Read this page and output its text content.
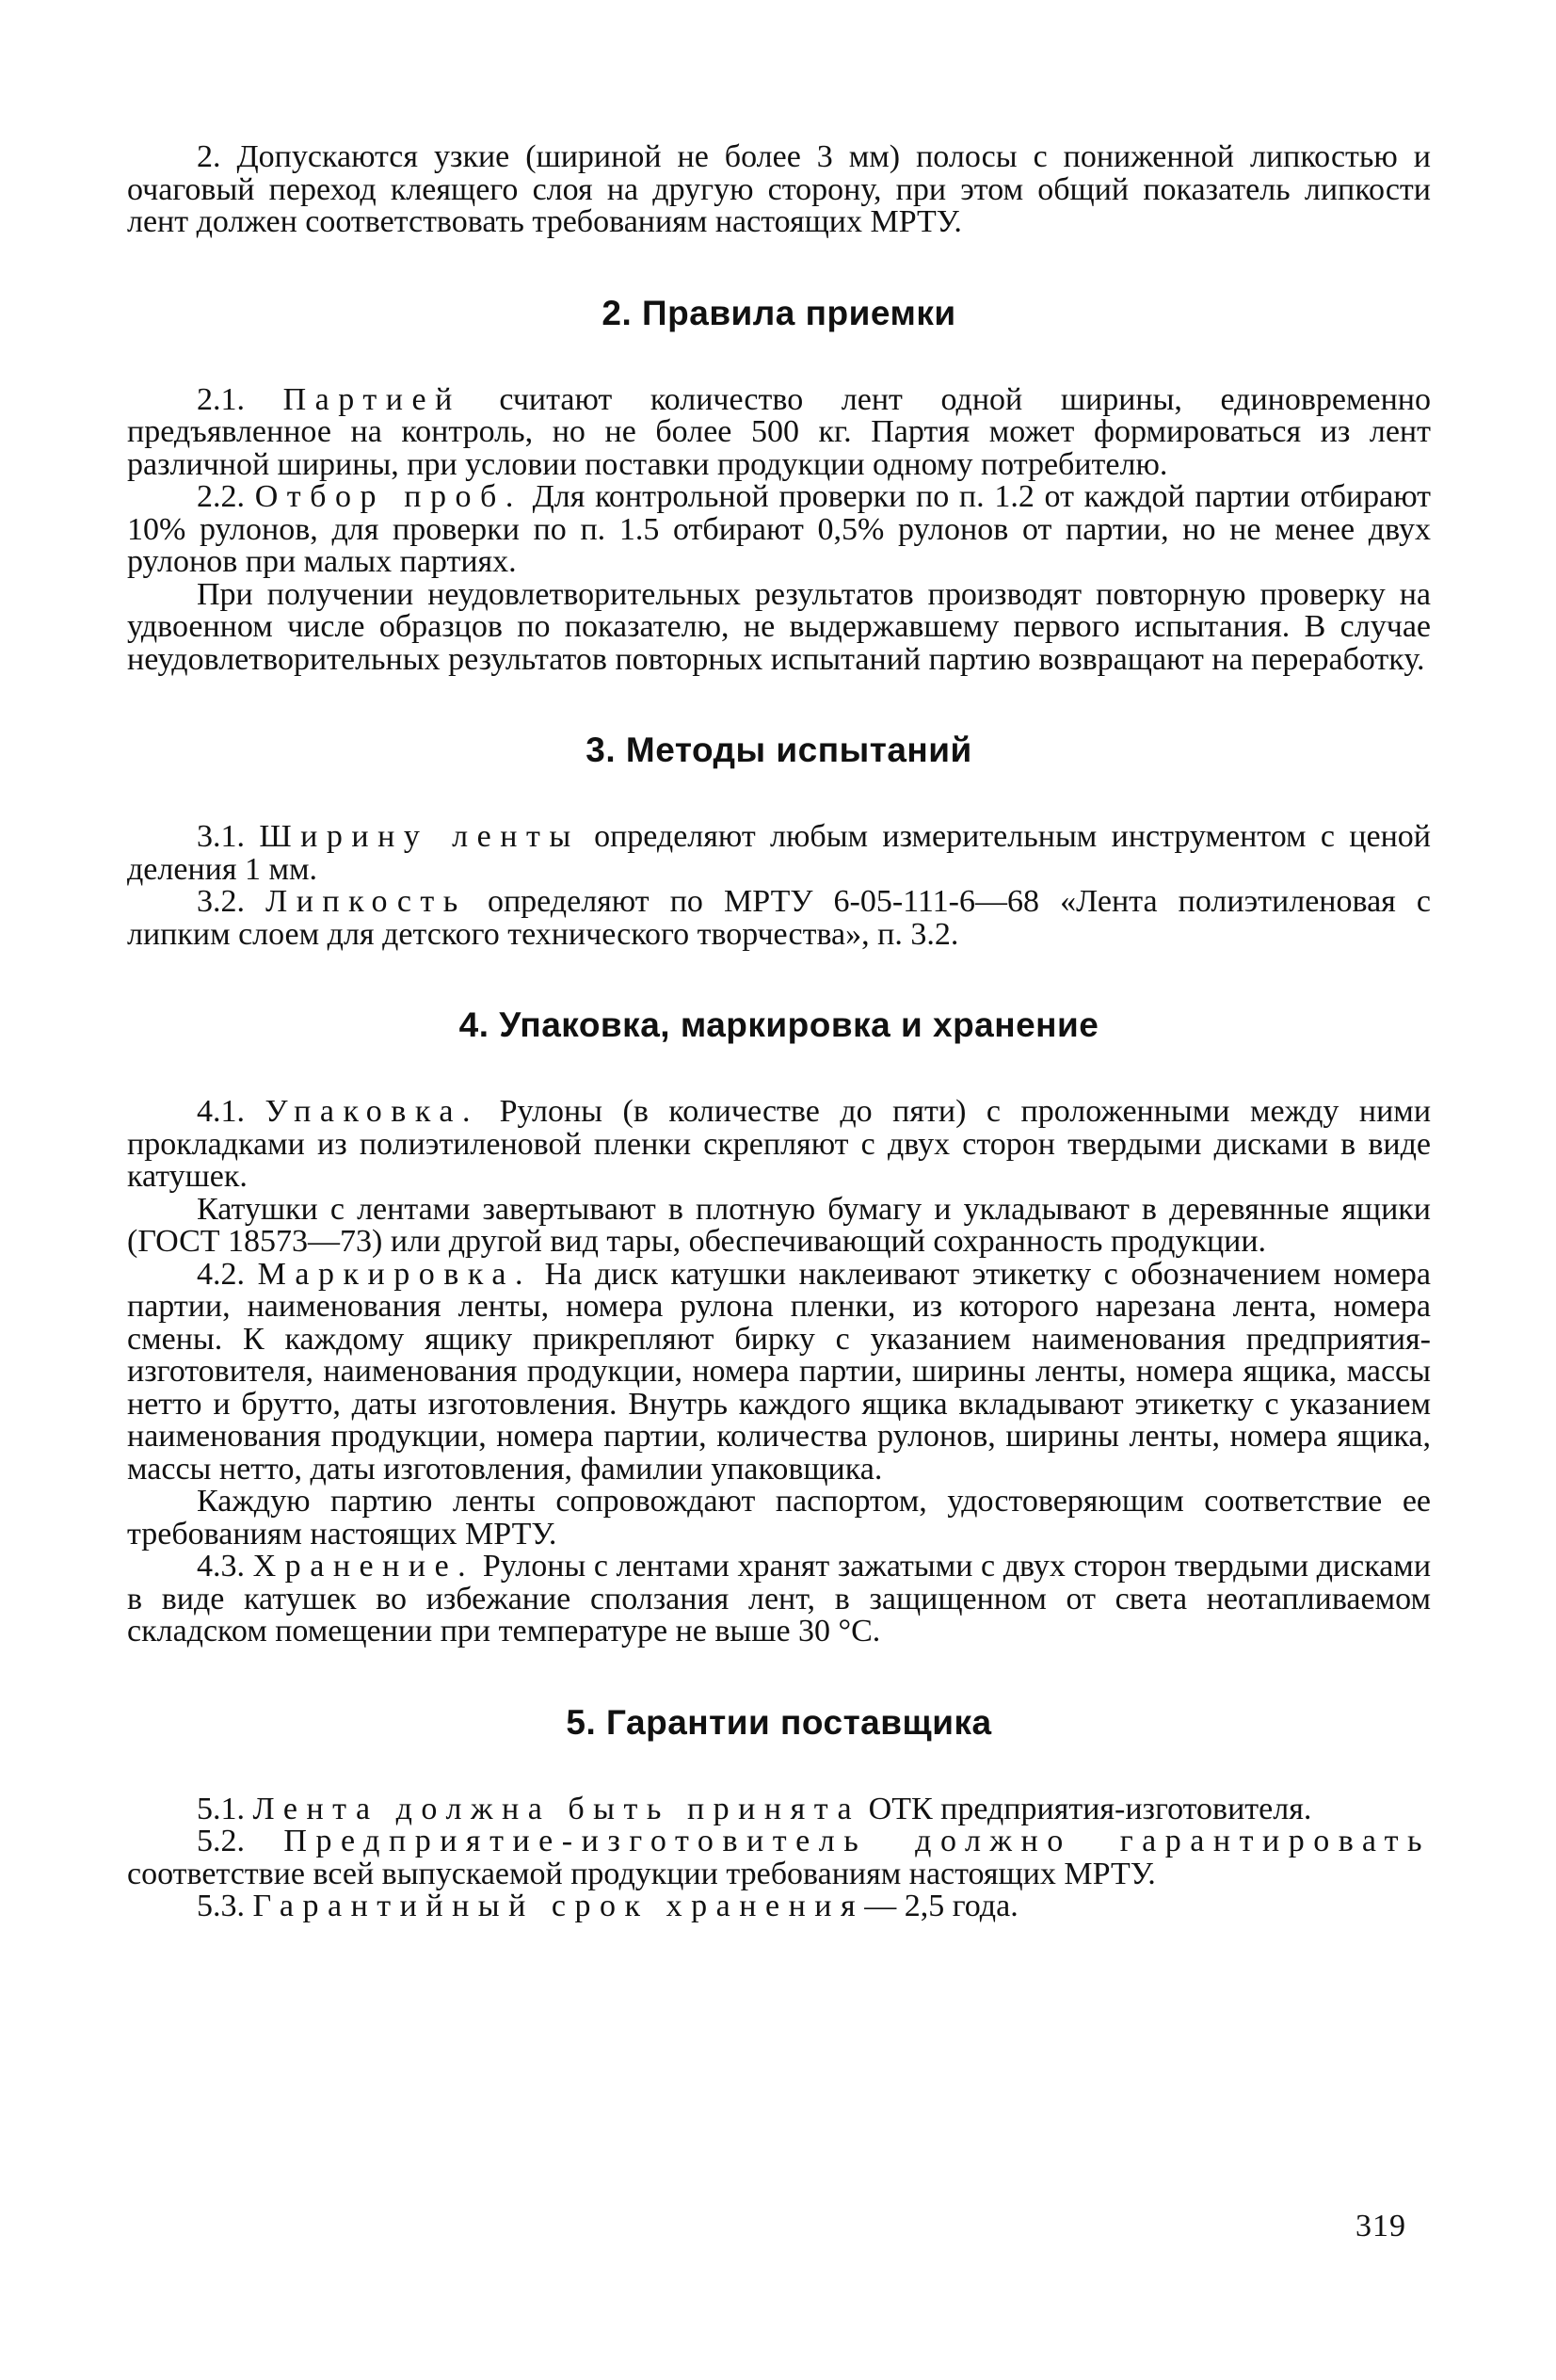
2. Допускаются узкие (шириной не более 3 мм) полосы с пониженной липкостью и очаговый переход клеящего слоя на другую сторону, при этом общий показатель липкости лент должен соответствовать требованиям настоящих МРТУ.

2. Правила приемки

2.1. Партией считают количество лент одной ширины, единовременно предъявленное на контроль, но не более 500 кг. Партия может формироваться из лент различной ширины, при условии поставки продукции одному потребителю.

2.2. Отбор проб. Для контрольной проверки по п. 1.2 от каждой партии отбирают 10% рулонов, для проверки по п. 1.5 отбирают 0,5% рулонов от партии, но не менее двух рулонов при малых партиях.

При получении неудовлетворительных результатов производят повторную проверку на удвоенном числе образцов по показателю, не выдержавшему первого испытания. В случае неудовлетворительных результатов повторных испытаний партию возвращают на переработку.

3. Методы испытаний

3.1. Ширину ленты определяют любым измерительным инструментом с ценой деления 1 мм.

3.2. Липкость определяют по МРТУ 6-05-111-6—68 «Лента полиэтиленовая с липким слоем для детского технического творчества», п. 3.2.

4. Упаковка, маркировка и хранение

4.1. Упаковка. Рулоны (в количестве до пяти) с проложенными между ними прокладками из полиэтиленовой пленки скрепляют с двух сторон твердыми дисками в виде катушек.

Катушки с лентами завертывают в плотную бумагу и укладывают в деревянные ящики (ГОСТ 18573—73) или другой вид тары, обеспечивающий сохранность продукции.

4.2. Маркировка. На диск катушки наклеивают этикетку с обозначением номера партии, наименования ленты, номера рулона пленки, из которого нарезана лента, номера смены. К каждому ящику прикрепляют бирку с указанием наименования предприятия-изготовителя, наименования продукции, номера партии, ширины ленты, номера ящика, массы нетто и брутто, даты изготовления. Внутрь каждого ящика вкладывают этикетку с указанием наименования продукции, номера партии, количества рулонов, ширины ленты, номера ящика, массы нетто, даты изготовления, фамилии упаковщика.

Каждую партию ленты сопровождают паспортом, удостоверяющим соответствие ее требованиям настоящих МРТУ.

4.3. Хранение. Рулоны с лентами хранят зажатыми с двух сторон твердыми дисками в виде катушек во избежание сползания лент, в защищенном от света неотапливаемом складском помещении при температуре не выше 30 °С.

5. Гарантии поставщика

5.1. Лента должна быть принята ОТК предприятия-изготовителя.

5.2. Предприятие-изготовитель должно гарантировать соответствие всей выпускаемой продукции требованиям настоящих МРТУ.

5.3. Гарантийный срок хранения— 2,5 года.

319
